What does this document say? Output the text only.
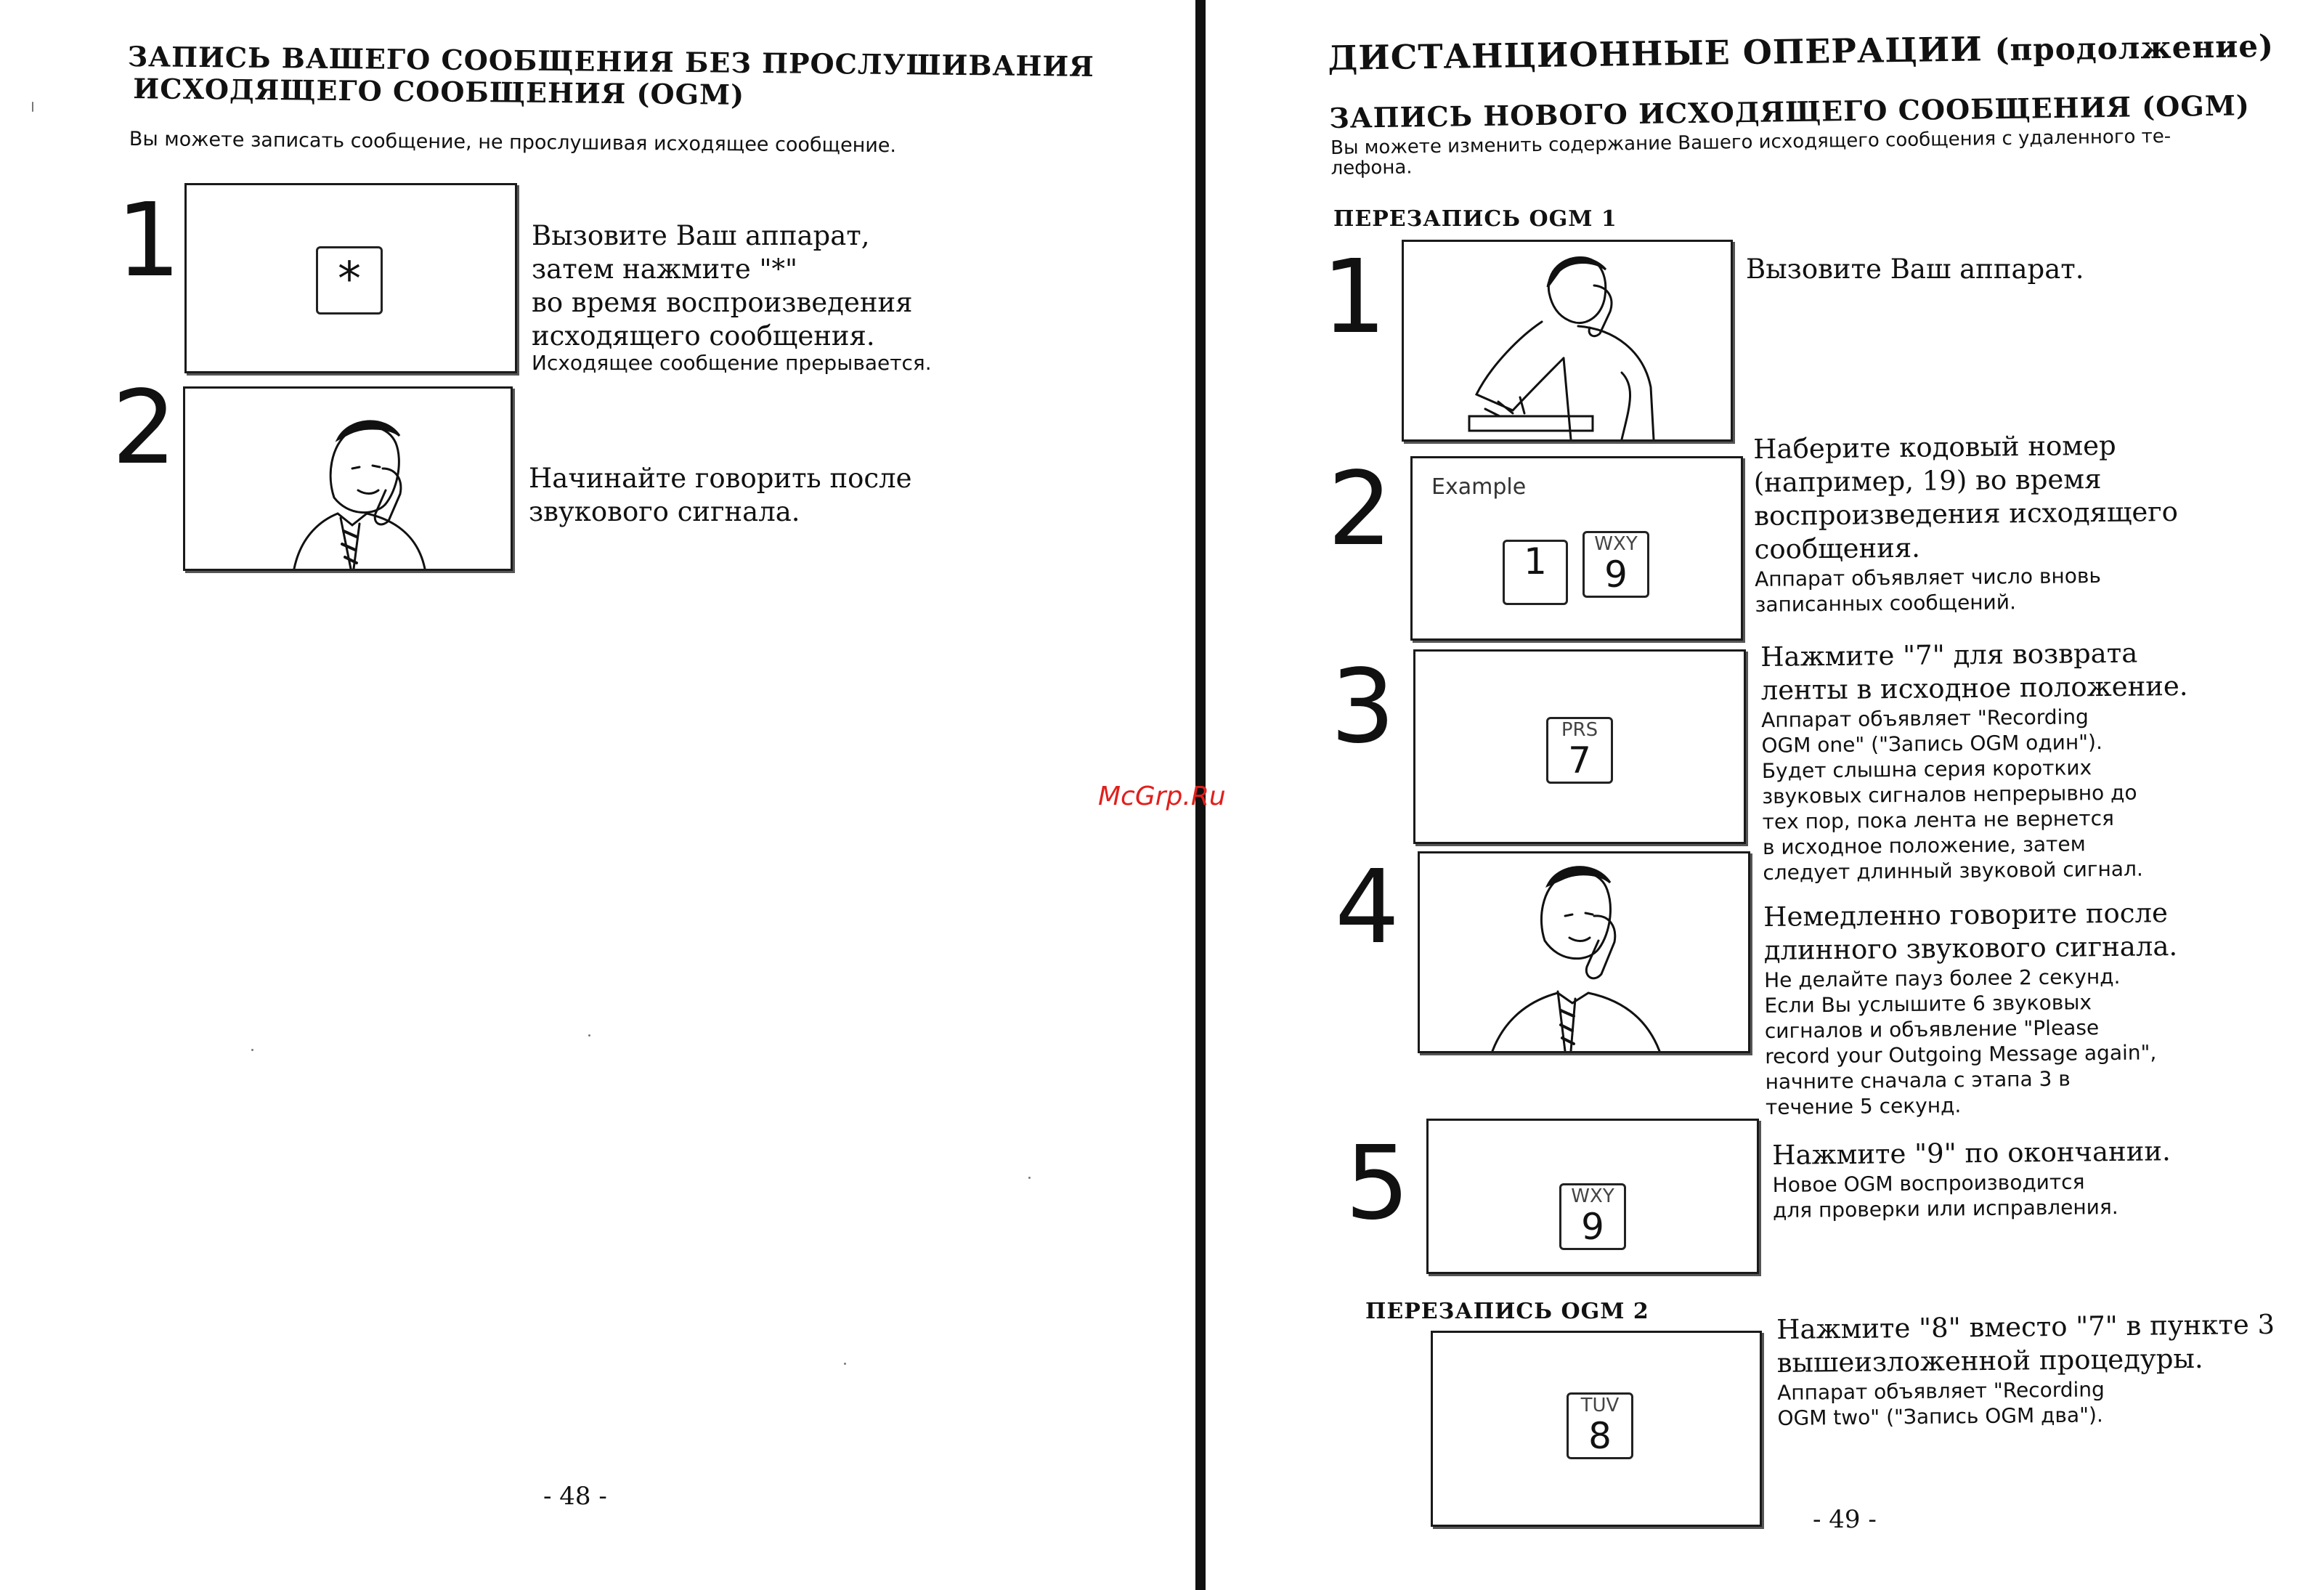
ЗАПИСЬ ВАШЕГО СООБЩЕНИЯ БЕЗ ПРОСЛУШИВАНИЯ
ИСХОДЯЩЕГО СООБЩЕНИЯ (OGM)
Вы можете записать сообщение, не прослушивая исходящее сообщение.
1	*
Вызовите Ваш аппарат,
затем нажмите "*"
во время воспроизведения
исходящего сообщения.
Исходящее сообщение прерывается.
2	Начинайте говорить после
звукового сигнала.
- 48 -
McGrp.Ru
ДИСТАНЦИОННЫЕ ОПЕРАЦИИ (продолжение)
ЗАПИСЬ НОВОГО ИСХОДЯЩЕГО СООБЩЕНИЯ (OGM)
Вы можете изменить содержание Вашего исходящего сообщения с удаленного те-
лефона.
ПЕРЕЗАПИСЬ OGM 1
1	Вызовите Ваш аппарат.
2 Example
1	WXY
9
Наберите кодовый номер
(например, 19) во время
воспроизведения исходящего
сообщения.
Аппарат объявляет число вновь
записанных сообщений.
3	PRS
7
Нажмите "7" для возврата
ленты в исходное положение.
Аппарат объявляет "Recording
OGM one" ("Запись OGM один").
Будет слышна серия коротких
звуковых сигналов непрерывно до
тех пор, пока лента не вернется
в исходное положение, затем
следует длинный звуковой сигнал.
4	Немедленно говорите после
длинного звукового сигнала.
Не делайте пауз более 2 секунд.
Если Вы услышите 6 звуковых
сигналов и объявление "Please
record your Outgoing Message again",
начните сначала с этапа 3 в
течение 5 секунд.
5	WXY
9
Нажмите "9" по окончании.
Новое OGM воспроизводится
для проверки или исправления.
ПЕРЕЗАПИСЬ OGM 2
TUV
8
Нажмите "8" вместо "7" в пункте 3
вышеизложенной процедуры.
Аппарат объявляет "Recording
OGM two" ("Запись OGM два").
- 49 -
